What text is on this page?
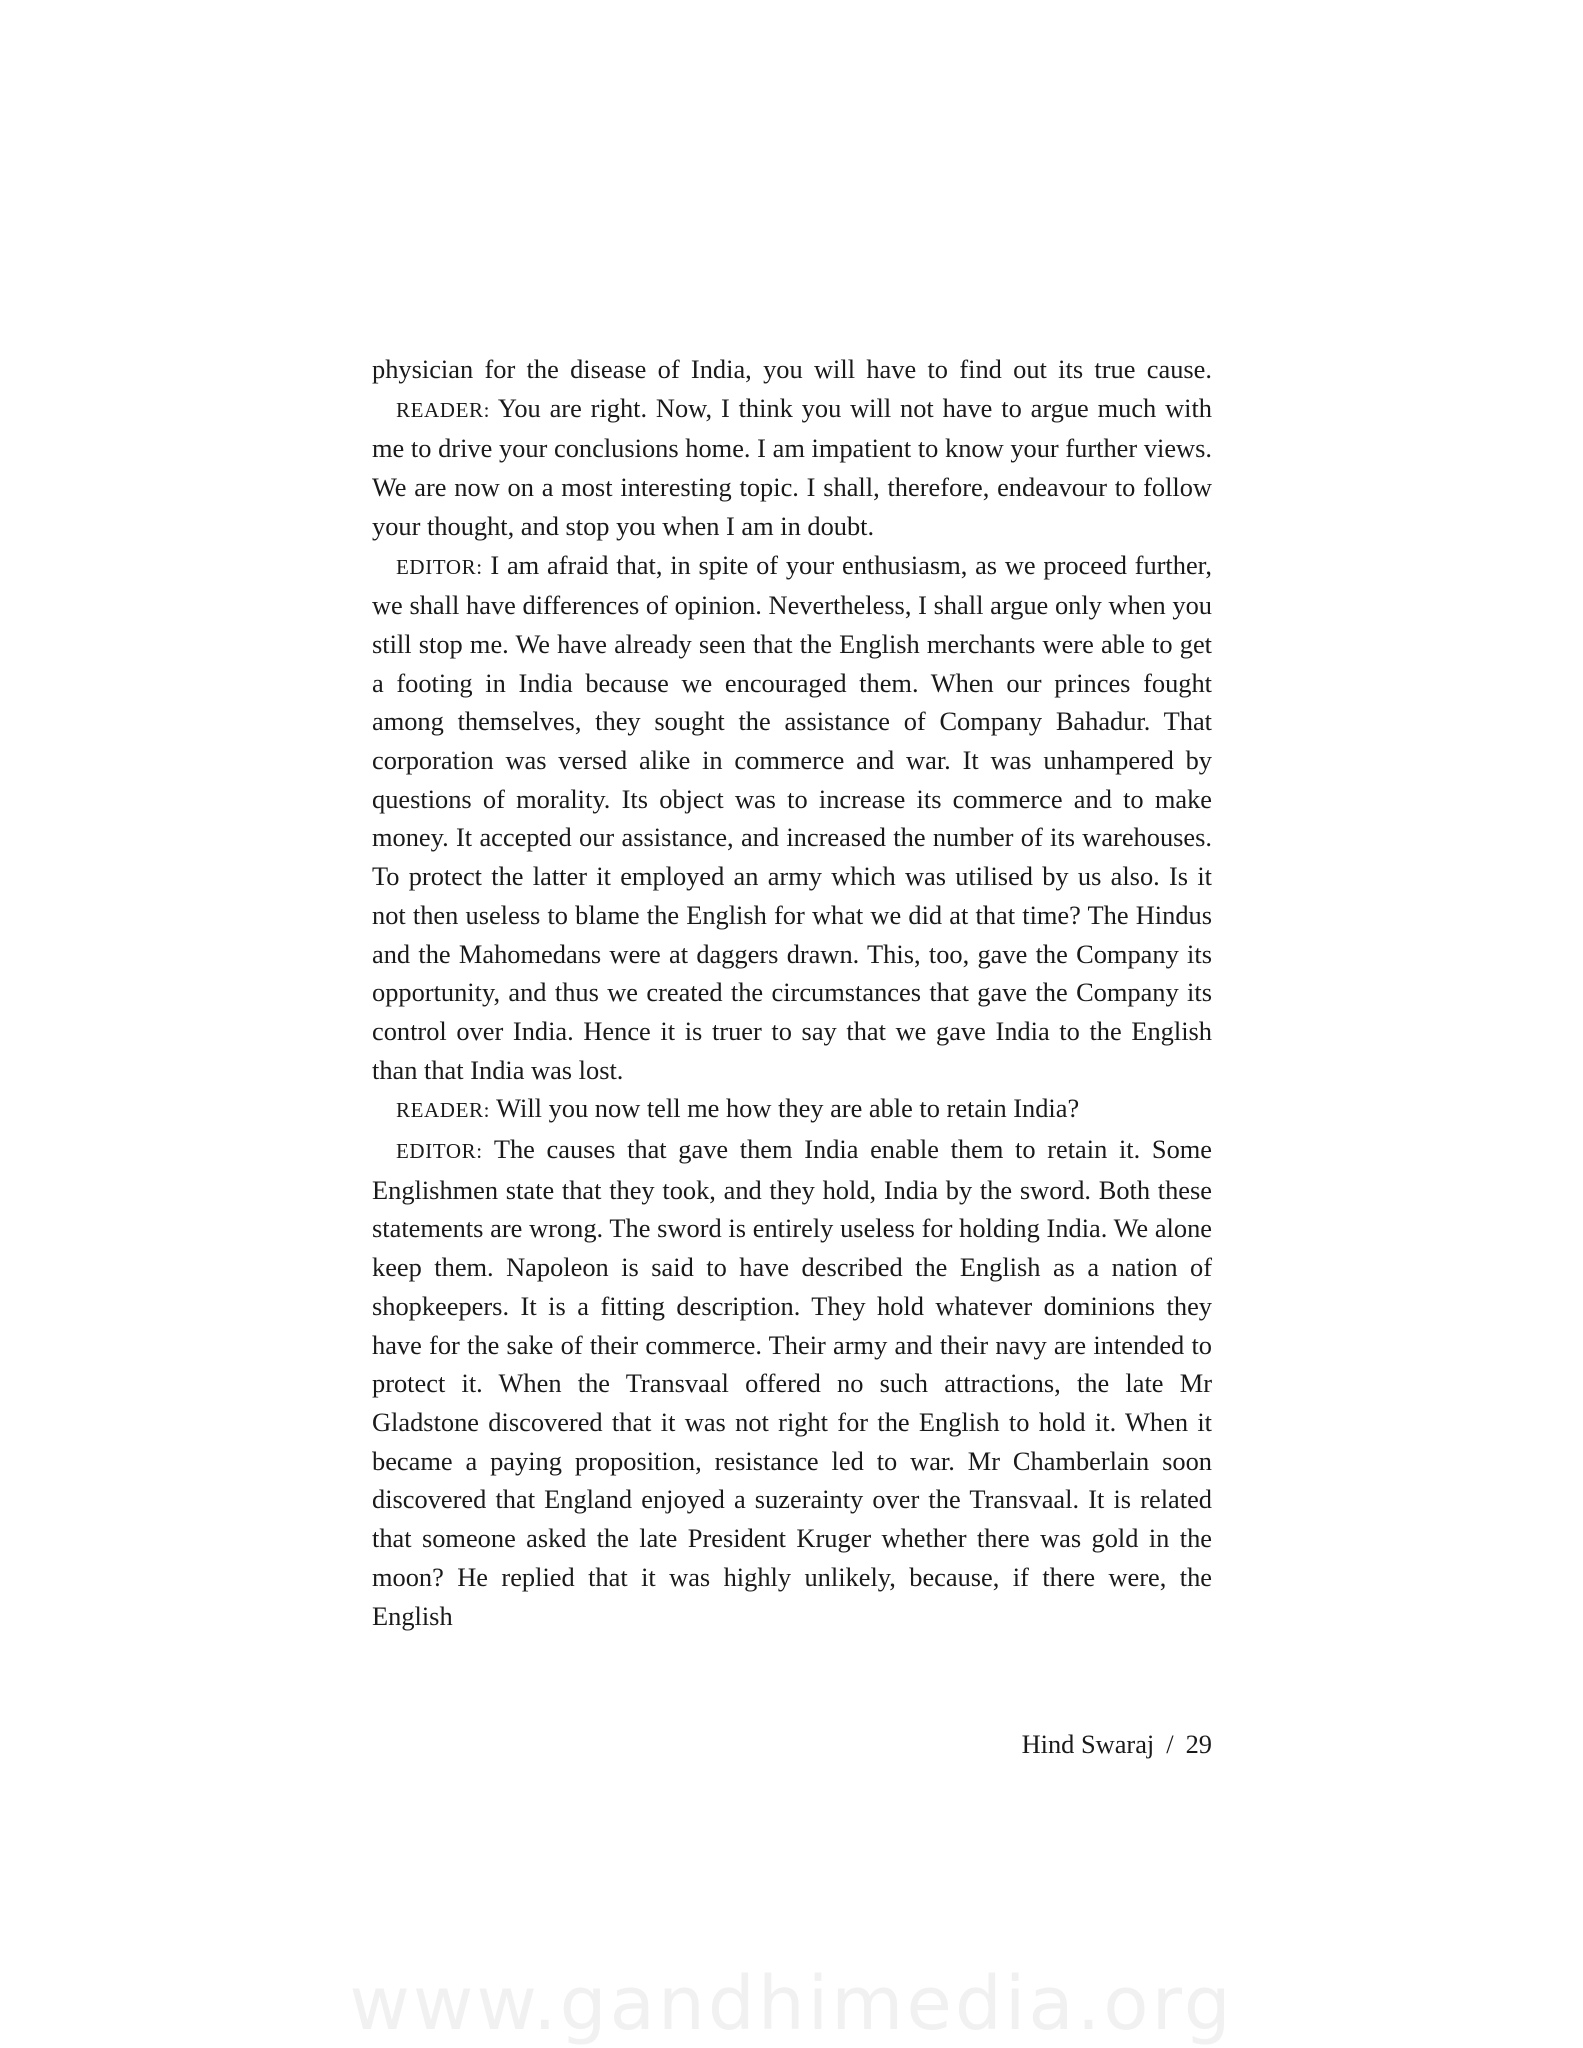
physician for the disease of India, you will have to find out its true cause.

READER: You are right. Now, I think you will not have to argue much with me to drive your conclusions home. I am impatient to know your further views. We are now on a most interesting topic. I shall, therefore, endeavour to follow your thought, and stop you when I am in doubt.

EDITOR: I am afraid that, in spite of your enthusiasm, as we proceed further, we shall have differences of opinion. Nevertheless, I shall argue only when you still stop me. We have already seen that the English merchants were able to get a footing in India because we encouraged them. When our princes fought among themselves, they sought the assistance of Company Bahadur. That corporation was versed alike in commerce and war. It was unhampered by questions of morality. Its object was to increase its commerce and to make money. It accepted our assistance, and increased the number of its warehouses. To protect the latter it employed an army which was utilised by us also. Is it not then useless to blame the English for what we did at that time? The Hindus and the Mahomedans were at daggers drawn. This, too, gave the Company its opportunity, and thus we created the circumstances that gave the Company its control over India. Hence it is truer to say that we gave India to the English than that India was lost.

READER: Will you now tell me how they are able to retain India?

EDITOR: The causes that gave them India enable them to retain it. Some Englishmen state that they took, and they hold, India by the sword. Both these statements are wrong. The sword is entirely useless for holding India. We alone keep them. Napoleon is said to have described the English as a nation of shopkeepers. It is a fitting description. They hold whatever dominions they have for the sake of their commerce. Their army and their navy are intended to protect it. When the Transvaal offered no such attractions, the late Mr Gladstone discovered that it was not right for the English to hold it. When it became a paying proposition, resistance led to war. Mr Chamberlain soon discovered that England enjoyed a suzerainty over the Transvaal. It is related that someone asked the late President Kruger whether there was gold in the moon? He replied that it was highly unlikely, because, if there were, the English

Hind Swaraj / 29
www.gandhimedia.org
